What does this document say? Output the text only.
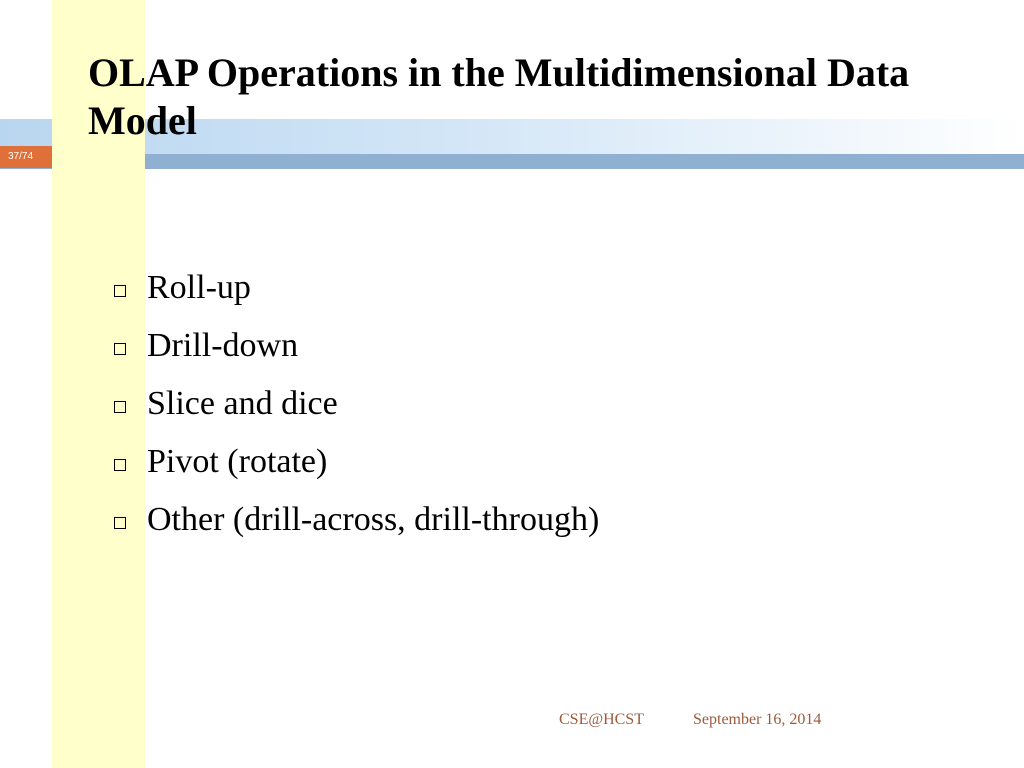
37/74
OLAP Operations in the Multidimensional Data Model
Roll-up
Drill-down
Slice and dice
Pivot (rotate)
Other (drill-across, drill-through)
CSE@HCST	September 16, 2014
